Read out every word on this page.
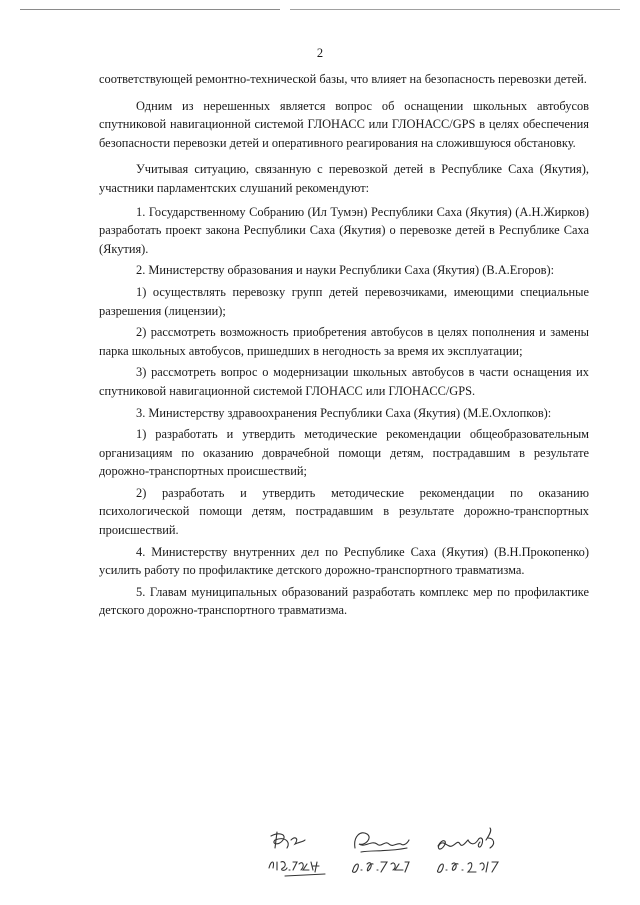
2

соответствующей ремонтно-технической базы, что влияет на безопасность перевозки детей.

Одним из нерешенных является вопрос об оснащении школьных автобусов спутниковой навигационной системой ГЛОНАСС или ГЛОНАСС/GPS в целях обеспечения безопасности перевозки детей и оперативного реагирования на сложившуюся обстановку.

Учитывая ситуацию, связанную с перевозкой детей в Республике Саха (Якутия), участники парламентских слушаний рекомендуют:

1. Государственному Собранию (Ил Тумэн) Республики Саха (Якутия) (А.Н.Жирков) разработать проект закона Республики Саха (Якутия) о перевозке детей в Республике Саха (Якутия).

2. Министерству образования и науки Республики Саха (Якутия) (В.А.Егоров):

1) осуществлять перевозку групп детей перевозчиками, имеющими специальные разрешения (лицензии);

2) рассмотреть возможность приобретения автобусов в целях пополнения и замены парка школьных автобусов, пришедших в негодность за время их эксплуатации;

3) рассмотреть вопрос о модернизации школьных автобусов в части оснащения их спутниковой навигационной системой ГЛОНАСС или ГЛОНАСС/GPS.

3. Министерству здравоохранения Республики Саха (Якутия) (М.Е.Охлопков):

1) разработать и утвердить методические рекомендации общеобразовательным организациям по оказанию доврачебной помощи детям, пострадавшим в результате дорожно-транспортных происшествий;

2) разработать и утвердить методические рекомендации по оказанию психологической помощи детям, пострадавшим в результате дорожно-транспортных происшествий.

4. Министерству внутренних дел по Республике Саха (Якутия) (В.Н.Прокопенко) усилить работу по профилактике детского дорожно-транспортного травматизма.

5. Главам муниципальных образований разработать комплекс мер по профилактике детского дорожно-транспортного травматизма.
